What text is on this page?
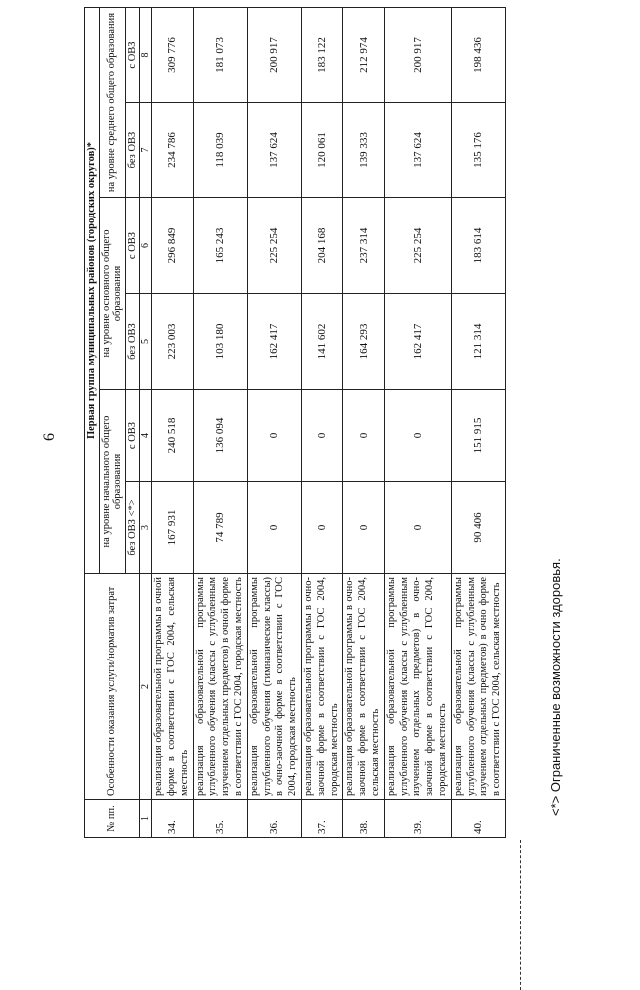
6
№ пп.	Особенности оказания услуги/норматив затрат	Первая группа муниципальных районов (городских округов)*					
		на уровне начального общего образования		на уровне основного общего образования		на уровне среднего общего образования	
		без ОВЗ <*>	с ОВЗ	без ОВЗ	с ОВЗ	без ОВЗ	с ОВЗ
1	2	3	4	5	6	7	8
34.	реализация образовательной программы в очной форме в соответствии с ГОС 2004, сельская местность	167 931	240 518	223 003	296 849	234 786	309 776
35.	реализация образовательной программы углубленного обучения (классы с углубленным изучением отдельных предметов) в очной форме в соответствии с ГОС 2004, городская местность	74 789	136 094	103 180	165 243	118 039	181 073
36.	реализация образовательной программы углубленного обучения (гимназические классы) в очно-заочной форме в соответствии с ГОС 2004, городская местность	0	0	162 417	225 254	137 624	200 917
37.	реализация образовательной программы в очно-заочной форме в соответствии с ГОС 2004, городская местность	0	0	141 602	204 168	120 061	183 122
38.	реализация образовательной программы в очно-заочной форме в соответствии с ГОС 2004, сельская местность	0	0	164 293	237 314	139 333	212 974
39.	реализация образовательной программы углубленного обучения (классы с углубленным изучением отдельных предметов) в очно-заочной форме в соответствии с ГОС 2004, городская местность	0	0	162 417	225 254	137 624	200 917
40.	реализация образовательной программы углубленного обучения (классы с углубленным изучением отдельных предметов) в очно форме в соответствии с ГОС 2004, сельская местность	90 406	151 915	121 314	183 614	135 176	198 436
<*> Ограниченные возможности здоровья.
